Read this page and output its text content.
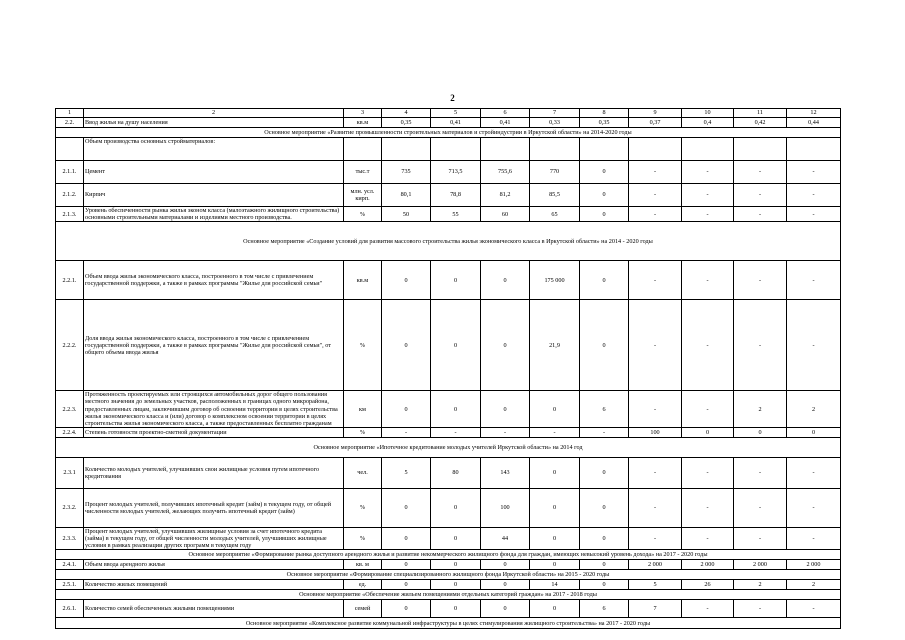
2
1	2	3	4	5	6	7	8	9	10	11	12
2.2.	Ввод жилья на душу населения	кв.м	0,35	0,41	0,41	0,33	0,35	0,37	0,4	0,42	0,44
Основное мероприятие «Развитие промышленности строительных материалов и стройиндустрии в Иркутской области» на 2014-2020 годы											
	Объем производства основных стройматериалов:										
2.1.1.	Цемент	тыс.т	735	713,5	755,6	770	0	-	-	-	-
2.1.2.	Кирпич	млн. усл. кирп.	80,1	78,8	81,2	85,5	0	-	-	-	-
2.1.3.	Уровень обеспеченности рынка жилья эконом класса (малоэтажного жилищного строительства) основными строительными материалами и изделиями местного производства.	%	50	55	60	65	0	-	-	-	-
Основное мероприятие «Создание условий для развития массового строительства жилья экономического класса в Иркутской области» на 2014 - 2020 годы											
2.2.1.	Объем ввода жилья экономического класса, построенного в том числе с привлечением государственной поддержки, а также в рамках программы "Жилье для российской семьи"	кв.м	0	0	0	175 000	0	-	-	-	-
2.2.2.	Доля ввода жилья экономического класса, построенного в том числе с привлечением государственной поддержки, а также в рамках программы "Жилье для российской семьи", от общего объема ввода жилья	%	0	0	0	21,9	0	-	-	-	-
2.2.3.	Протяженность проектируемых или строящихся автомобильных дорог общего пользования местного значения до земельных участков, расположенных в границах одного микрорайона, предоставленных лицам, заключившим договор об освоении территории в целях строительства жилья экономического класса и (или) договор о комплексном освоении территории в целях строительства жилья экономического класса, а также предоставленных бесплатно гражданам	км	0	0	0	0	6	-	-	2	2
2.2.4.	Степень готовности проектно-сметной документации	%	-	-	-	-	-	100	0	0	0
Основное мероприятие «Ипотечное кредитование молодых учителей Иркутской области» на 2014 год											
2.3.1	Количество молодых учителей, улучшивших свои жилищные условия путем ипотечного кредитования	чел.	5	80	143	0	0	-	-	-	-
2.3.2.	Процент молодых учителей, получивших ипотечный кредит (займ) в текущем году, от общей численности молодых учителей, желающих получить ипотечный кредит (займ)	%	0	0	100	0	0	-	-	-	-
2.3.3.	Процент молодых учителей, улучшивших жилищные условия за счет ипотечного кредита (займа) в текущем году, от общей численности молодых учителей, улучшивших жилищные условия в рамках реализации других программ в текущем году	%	0	0	44	0	0	-	-	-	-
Основное мероприятие «Формирование рынка доступного арендного жилья и развитие некоммерческого жилищного фонда для граждан, имеющих невысокий уровень дохода» на 2017 - 2020 годы											
2.4.1.	Объем ввода арендного жилья	кв. м	0	0	0	0	0	2 000	2 000	2 000	2 000
Основное мероприятие «Формирование специализированного жилищного фонда Иркутской области» на 2015 - 2020 годы											
2.5.1.	Количество жилых помещений	ед.	0	0	0	14	0	5	26	2	2
Основное мероприятие «Обеспечение жильем помещениями отдельных категорий граждан» на 2017 - 2018 годы											
2.6.1.	Количество семей обеспеченных жилыми помещениями	семей	0	0	0	0	6	7	-	-	-
Основное мероприятие «Комплексное развитие коммунальной инфраструктуры в целях стимулирования жилищного строительства» на 2017 - 2020 годы											
